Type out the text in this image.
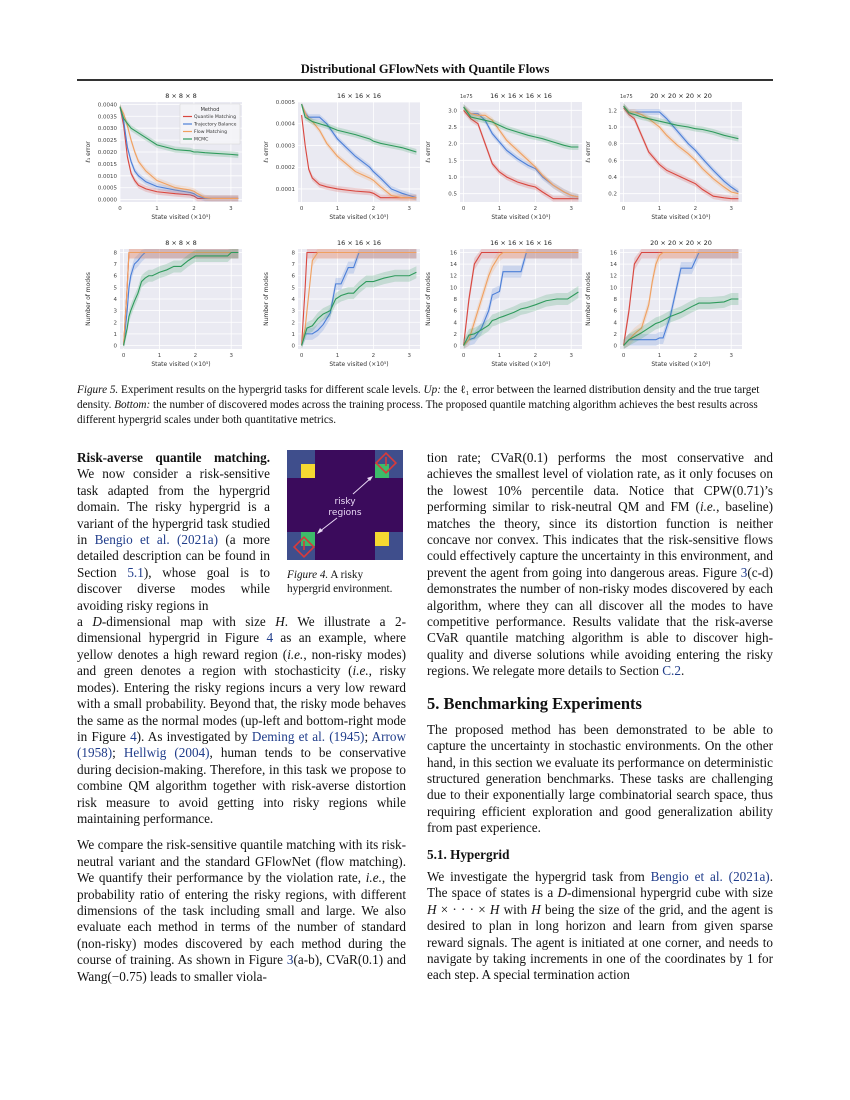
Distributional GFlowNets with Quantile Flows
0.0000
0.0005
0.0010
0.0015
0.0020
0.0025
0.0030
0.0035
0.0040
0	1	2	3
8 × 8 × 8
State visited (×10⁵)
ℓ₁ error
Method
Quantile Matching
Trajectory Balance
Flow Matching
MCMC
0.0001
0.0002
0.0003
0.0004
0.0005
0	1	2	3
16 × 16 × 16
State visited (×10⁵)
ℓ₁ error
0.5
1.0
1.5
2.0
2.5
3.0
0	1	2	3
16 × 16 × 16 × 16
1e75
State visited (×10⁵)
ℓ₁ error
0.2
0.4
0.6
0.8
1.0
1.2
0	1	2	3
20 × 20 × 20 × 20
1e75
State visited (×10⁵)
ℓ₁ error
0
1
2
3
4
5
6
7
8
0	1	2	3
8 × 8 × 8
State visited (×10⁵)
Number of modes
0
1
2
3
4
5
6
7
8
0	1	2	3
16 × 16 × 16
State visited (×10⁵)
Number of modes
0
2
4
6
8
10
12
14
16
0	1	2	3
16 × 16 × 16 × 16
State visited (×10⁵)
Number of modes
0
2
4
6
8
10
12
14
16
0	1	2	3
20 × 20 × 20 × 20
State visited (×10⁵)
Number of modes
Figure 5. Experiment results on the hypergrid tasks for different scale levels. Up: the ℓ₁ error between the learned distribution density and the true target density. Bottom: the number of discovered modes across the training process. The proposed quantile matching algorithm achieves the best results across different hypergrid scales under both quantitative metrics.
risky
regions
Figure 4. A risky hypergrid environment.

Risk-averse quantile matching. We now consider a risk-sensitive task adapted from the hypergrid domain. The risky hypergrid is a variant of the hypergrid task studied in Bengio et al. (2021a) (a more detailed description can be found in Section 5.1), whose goal is to discover diverse modes while avoiding risky regions in

a D-dimensional map with size H. We illustrate a 2-dimensional hypergrid in Figure 4 as an example, where yellow denotes a high reward region (i.e., non-risky modes) and green denotes a region with stochasticity (i.e., risky modes). Entering the risky regions incurs a very low reward with a small probability. Beyond that, the risky mode behaves the same as the normal modes (up-left and bottom-right mode in Figure 4). As investigated by Deming et al. (1945); Arrow (1958); Hellwig (2004), human tends to be conservative during decision-making. Therefore, in this task we propose to combine QM algorithm together with risk-averse distortion risk measure to avoid getting into risky regions while maintaining performance.

We compare the risk-sensitive quantile matching with its risk-neutral variant and the standard GFlowNet (flow matching). We quantify their performance by the violation rate, i.e., the probability ratio of entering the risky regions, with different dimensions of the task including small and large. We also evaluate each method in terms of the number of standard (non-risky) modes discovered by each method during the course of training. As shown in Figure 3(a-b), CVaR(0.1) and Wang(−0.75) leads to smaller viola-

tion rate; CVaR(0.1) performs the most conservative and achieves the smallest level of violation rate, as it only focuses on the lowest 10% percentile data. Notice that CPW(0.71)’s performing similar to risk-neutral QM and FM (i.e., baseline) matches the theory, since its distortion function is neither concave nor convex. This indicates that the risk-sensitive flows could effectively capture the uncertainty in this environment, and prevent the agent from going into dangerous areas. Figure 3(c-d) demonstrates the number of non-risky modes discovered by each algorithm, where they can all discover all the modes to have competitive performance. Results validate that the risk-averse CVaR quantile matching algorithm is able to discover high-quality and diverse solutions while avoiding entering the risky regions. We relegate more details to Section C.2.

5. Benchmarking Experiments

The proposed method has been demonstrated to be able to capture the uncertainty in stochastic environments. On the other hand, in this section we evaluate its performance on deterministic structured generation benchmarks. These tasks are challenging due to their exponentially large combinatorial search space, thus requiring efficient exploration and good generalization ability from past experience.

5.1. Hypergrid

We investigate the hypergrid task from Bengio et al. (2021a). The space of states is a D-dimensional hypergrid cube with size H × · · · × H with H being the size of the grid, and the agent is desired to plan in long horizon and learn from given sparse reward signals. The agent is initiated at one corner, and needs to navigate by taking increments in one of the coordinates by 1 for each step. A special termination action
